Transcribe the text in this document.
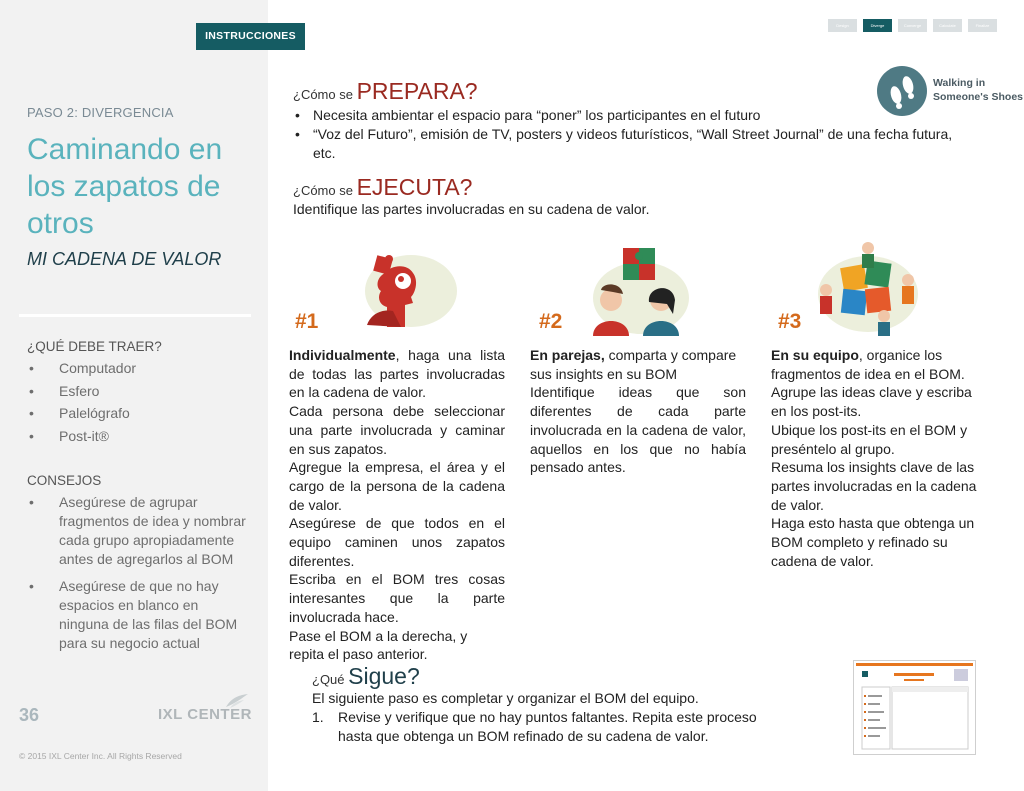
PASO 2: DIVERGENCIA
Caminando en los zapatos de otros
MI CADENA DE VALOR
¿QUÉ DEBE TRAER?
• Computador
• Esfero
• Palelógrafo
• Post-it®
CONSEJOS
• Asegúrese de agrupar fragmentos de idea y nombrar cada grupo apropiadamente antes de agregarlos al BOM
• Asegúrese de que no hay espacios en blanco en ninguna de las filas del BOM para su negocio actual
36	IXL CENTER
© 2015 IXL Center Inc. All Rights Reserved
INSTRUCCIONES
Design	Diverge	Converge	Calculate	Finalize
Walking in
Someone's Shoes
¿Cómo se PREPARA?
• Necesita ambientar el espacio para “poner” los participantes en el futuro
• “Voz del Futuro”, emisión de TV, posters y videos futurísticos, “Wall Street Journal” de una fecha futura, etc.
¿Cómo se EJECUTA?
Identifique las partes involucradas en su cadena de valor.
#1	#2	#3
Individualmente, haga una lista de todas las partes involucradas en la cadena de valor.
Cada persona debe seleccionar una parte involucrada y caminar en sus zapatos.
Agregue la empresa, el área y el cargo de la persona de la cadena de valor.
Asegúrese de que todos en el equipo caminen unos zapatos diferentes.
Escriba en el BOM tres cosas interesantes que la parte involucrada hace.
Pase el BOM a la derecha, y repita el paso anterior.
En parejas, comparta y compare sus insights en su BOM
Identifique ideas que son diferentes de cada parte involucrada en la cadena de valor, aquellos en los que no había pensado antes.
En su equipo, organice los fragmentos de idea en el BOM.
Agrupe las ideas clave y escriba en los post-its.
Ubique los post-its en el BOM y preséntelo al grupo.
Resuma los insights clave de las partes involucradas en la cadena de valor.
Haga esto hasta que obtenga un BOM completo y refinado su cadena de valor.
¿Qué Sigue?
El siguiente paso es completar y organizar el BOM del equipo.
1. Revise y verifique que no hay puntos faltantes. Repita este proceso hasta que obtenga un BOM refinado de su cadena de valor.
